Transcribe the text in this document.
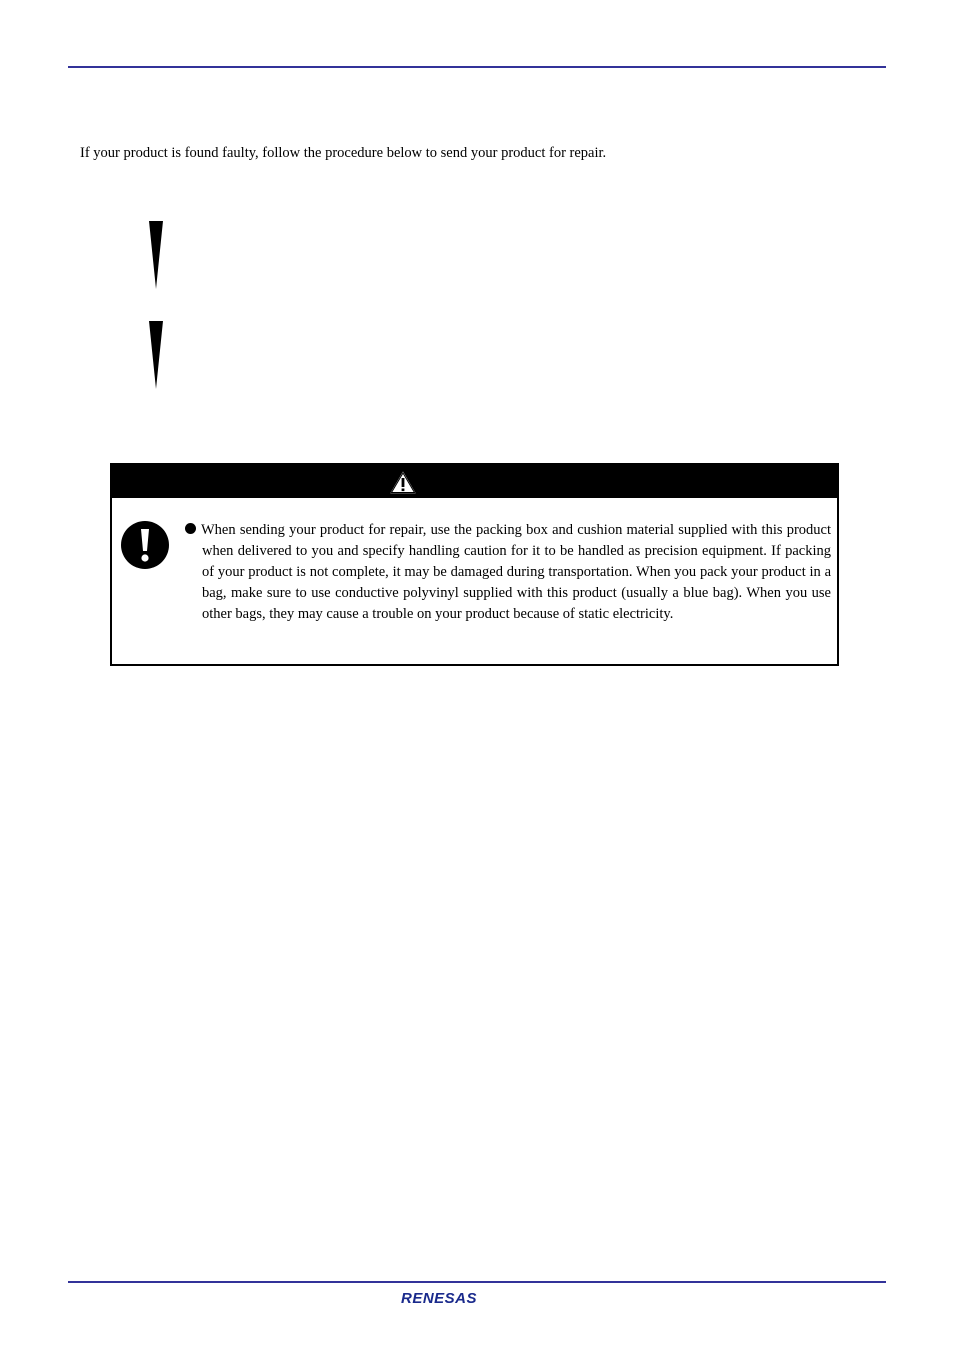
If your product is found faulty, follow the procedure below to send your product for repair.
When sending your product for repair, use the packing box and cushion material supplied with this product when delivered to you and specify handling caution for it to be handled as precision equipment. If packing of your product is not complete, it may be damaged during transportation. When you pack your product in a bag, make sure to use conductive polyvinyl supplied with this product (usually a blue bag). When you use other bags, they may cause a trouble on your product because of static electricity.
RENESAS
